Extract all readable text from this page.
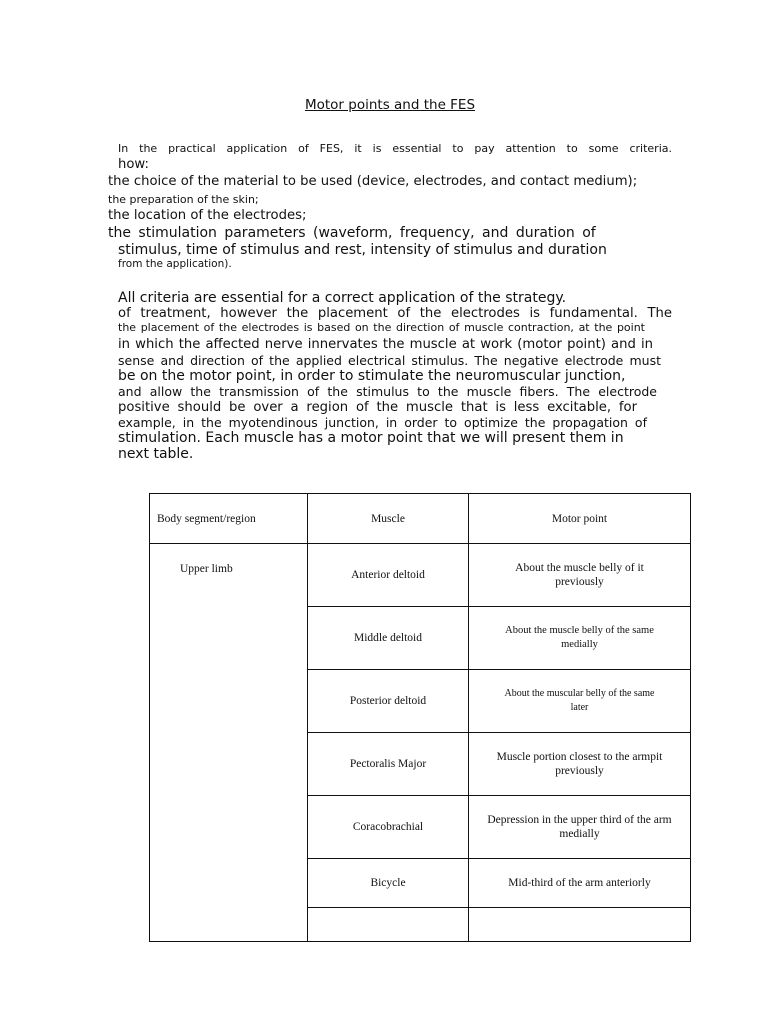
Motor points and the FES
In the practical application of FES, it is essential to pay attention to some criteria.
how:
the choice of the material to be used (device, electrodes, and contact medium);
the preparation of the skin;
the location of the electrodes;
the stimulation parameters (waveform, frequency, and duration of
stimulus, time of stimulus and rest, intensity of stimulus and duration
from the application).
All criteria are essential for a correct application of the strategy.
of treatment, however the placement of the electrodes is fundamental. The
the placement of the electrodes is based on the direction of muscle contraction, at the point
in which the affected nerve innervates the muscle at work (motor point) and in
sense and direction of the applied electrical stimulus. The negative electrode must
be on the motor point, in order to stimulate the neuromuscular junction,
and allow the transmission of the stimulus to the muscle fibers. The electrode
positive should be over a region of the muscle that is less excitable, for
example, in the myotendinous junction, in order to optimize the propagation of
stimulation. Each muscle has a motor point that we will present them in
next table.
Body segment/region	Muscle	Motor point
Upper limb	Anterior deltoid	About the muscle belly of it
previously

	Middle deltoid	About the muscle belly of the same
medially

	Posterior deltoid	About the muscular belly of the same
later

	Pectoralis Major	Muscle portion closest to the armpit
previously

	Coracobrachial	Depression in the upper third of the arm
medially

	Bicycle	Mid-third of the arm anteriorly
